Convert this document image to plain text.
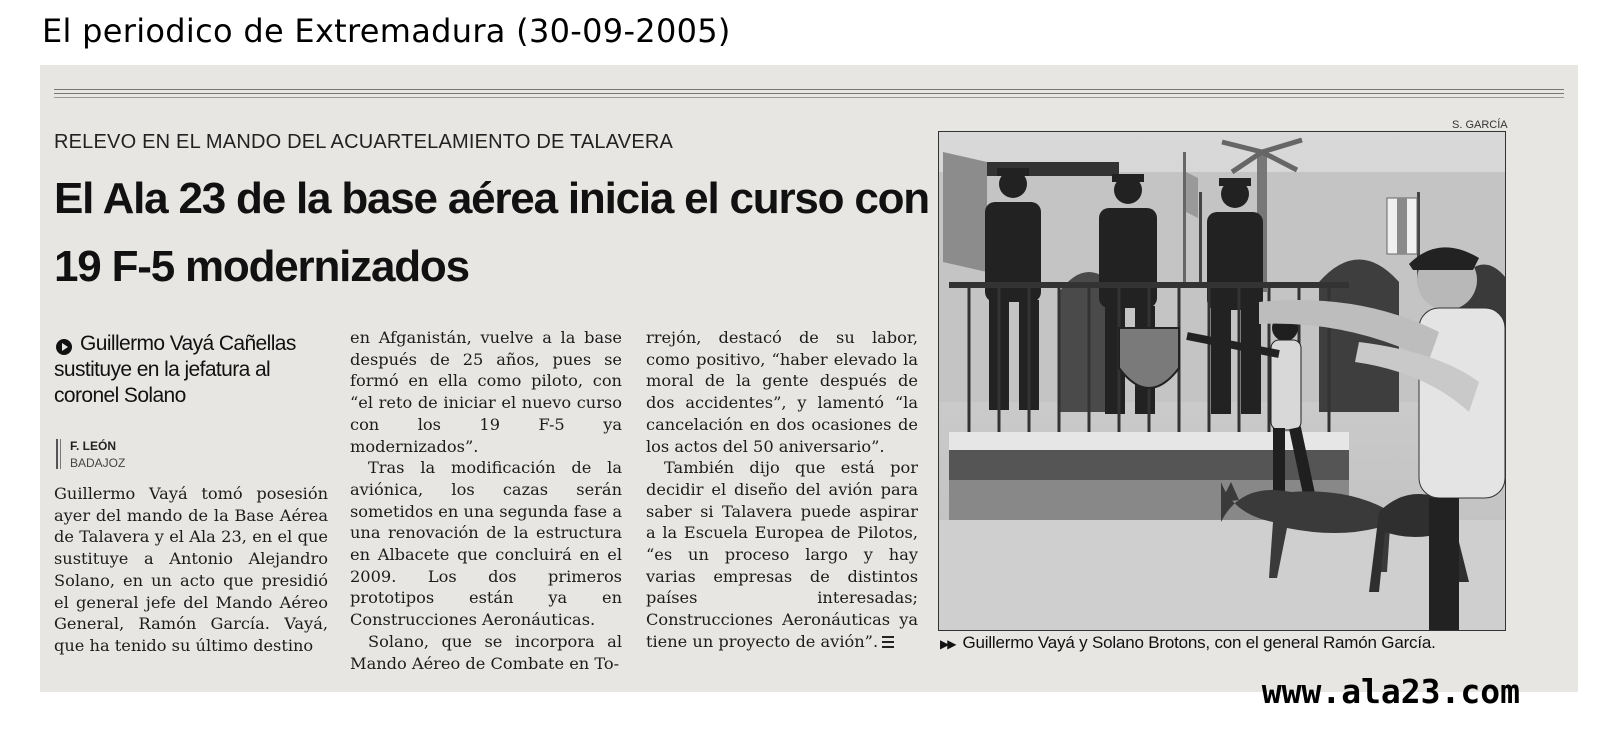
El periodico de Extremadura (30-09-2005)
RELEVO EN EL MANDO DEL ACUARTELAMIENTO DE TALAVERA
El Ala 23 de la base aérea inicia el curso con 19 F-5 modernizados
Guillermo Vayá Cañellas sustituye en la jefatura al coronel Solano
F. LEÓN
BADAJOZ

Guillermo Vayá tomó posesión ayer del mando de la Base Aérea de Talavera y el Ala 23, en el que sustituye a Antonio Alejandro Solano, en un acto que presidió el general jefe del Mando Aéreo General, Ramón García. Vayá, que ha tenido su último destino

en Afganistán, vuelve a la base después de 25 años, pues se formó en ella como piloto, con “el reto de iniciar el nuevo curso con los 19 F-5 ya modernizados”.

Tras la modificación de la aviónica, los cazas serán sometidos en una segunda fase a una renovación de la estructura en Albacete que concluirá en el 2009. Los dos primeros prototipos están ya en Construcciones Aeronáuticas.

Solano, que se incorpora al Mando Aéreo de Combate en To-

rrejón, destacó de su labor, como positivo, “haber elevado la moral de la gente después de dos accidentes”, y lamentó “la cancelación en dos ocasiones de los actos del 50 aniversario”.

También dijo que está por decidir el diseño del avión para saber si Talavera puede aspirar a la Escuela Europea de Pilotos, “es un proceso largo y hay varias empresas de distintos países interesadas; Construcciones Aeronáuticas ya tiene un proyecto de avión”.

S. GARCÍA
▶▶ Guillermo Vayá y Solano Brotons, con el general Ramón García.
www.ala23.com
